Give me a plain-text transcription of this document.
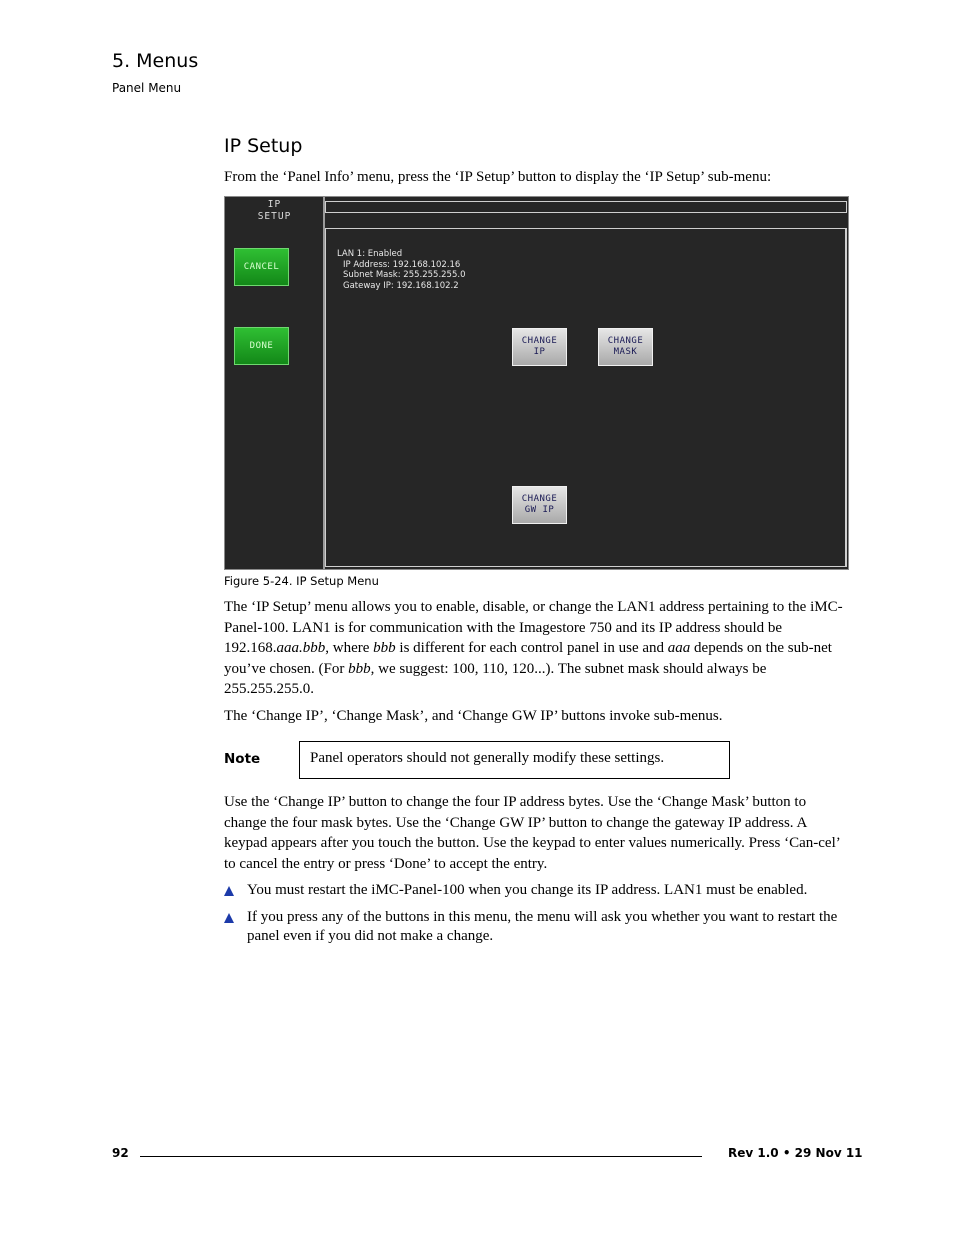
5. Menus
Panel Menu
IP Setup
From the ‘Panel Info’ menu, press the ‘IP Setup’ button to display the ‘IP Setup’ sub-menu:
IP
SETUP
CANCEL
DONE
LAN 1: Enabled
IP Address: 192.168.102.16
Subnet Mask: 255.255.255.0
Gateway IP: 192.168.102.2
CHANGE
IP
CHANGE
MASK
CHANGE
GW IP
Figure 5-24. IP Setup Menu
The ‘IP Setup’ menu allows you to enable, disable, or change the LAN1 address pertaining to the iMC-Panel-100. LAN1 is for communication with the Imagestore 750 and its IP address should be 192.168.aaa.bbb, where bbb is different for each control panel in use and aaa depends on the sub-net you’ve chosen. (For bbb, we suggest: 100, 110, 120...). The subnet mask should always be 255.255.255.0.
The ‘Change IP’, ‘Change Mask’, and ‘Change GW IP’ buttons invoke sub-menus.
Note	Panel operators should not generally modify these settings.
Use the ‘Change IP’ button to change the four IP address bytes. Use the ‘Change Mask’ button to change the four mask bytes. Use the ‘Change GW IP’ button to change the gateway IP address. A keypad appears after you touch the button. Use the keypad to enter values numerically. Press ‘Can-cel’ to cancel the entry or press ‘Done’ to accept the entry.
You must restart the iMC-Panel-100 when you change its IP address. LAN1 must be enabled.
If you press any of the buttons in this menu, the menu will ask you whether you want to restart the panel even if you did not make a change.
92	Rev 1.0 • 29 Nov 11
